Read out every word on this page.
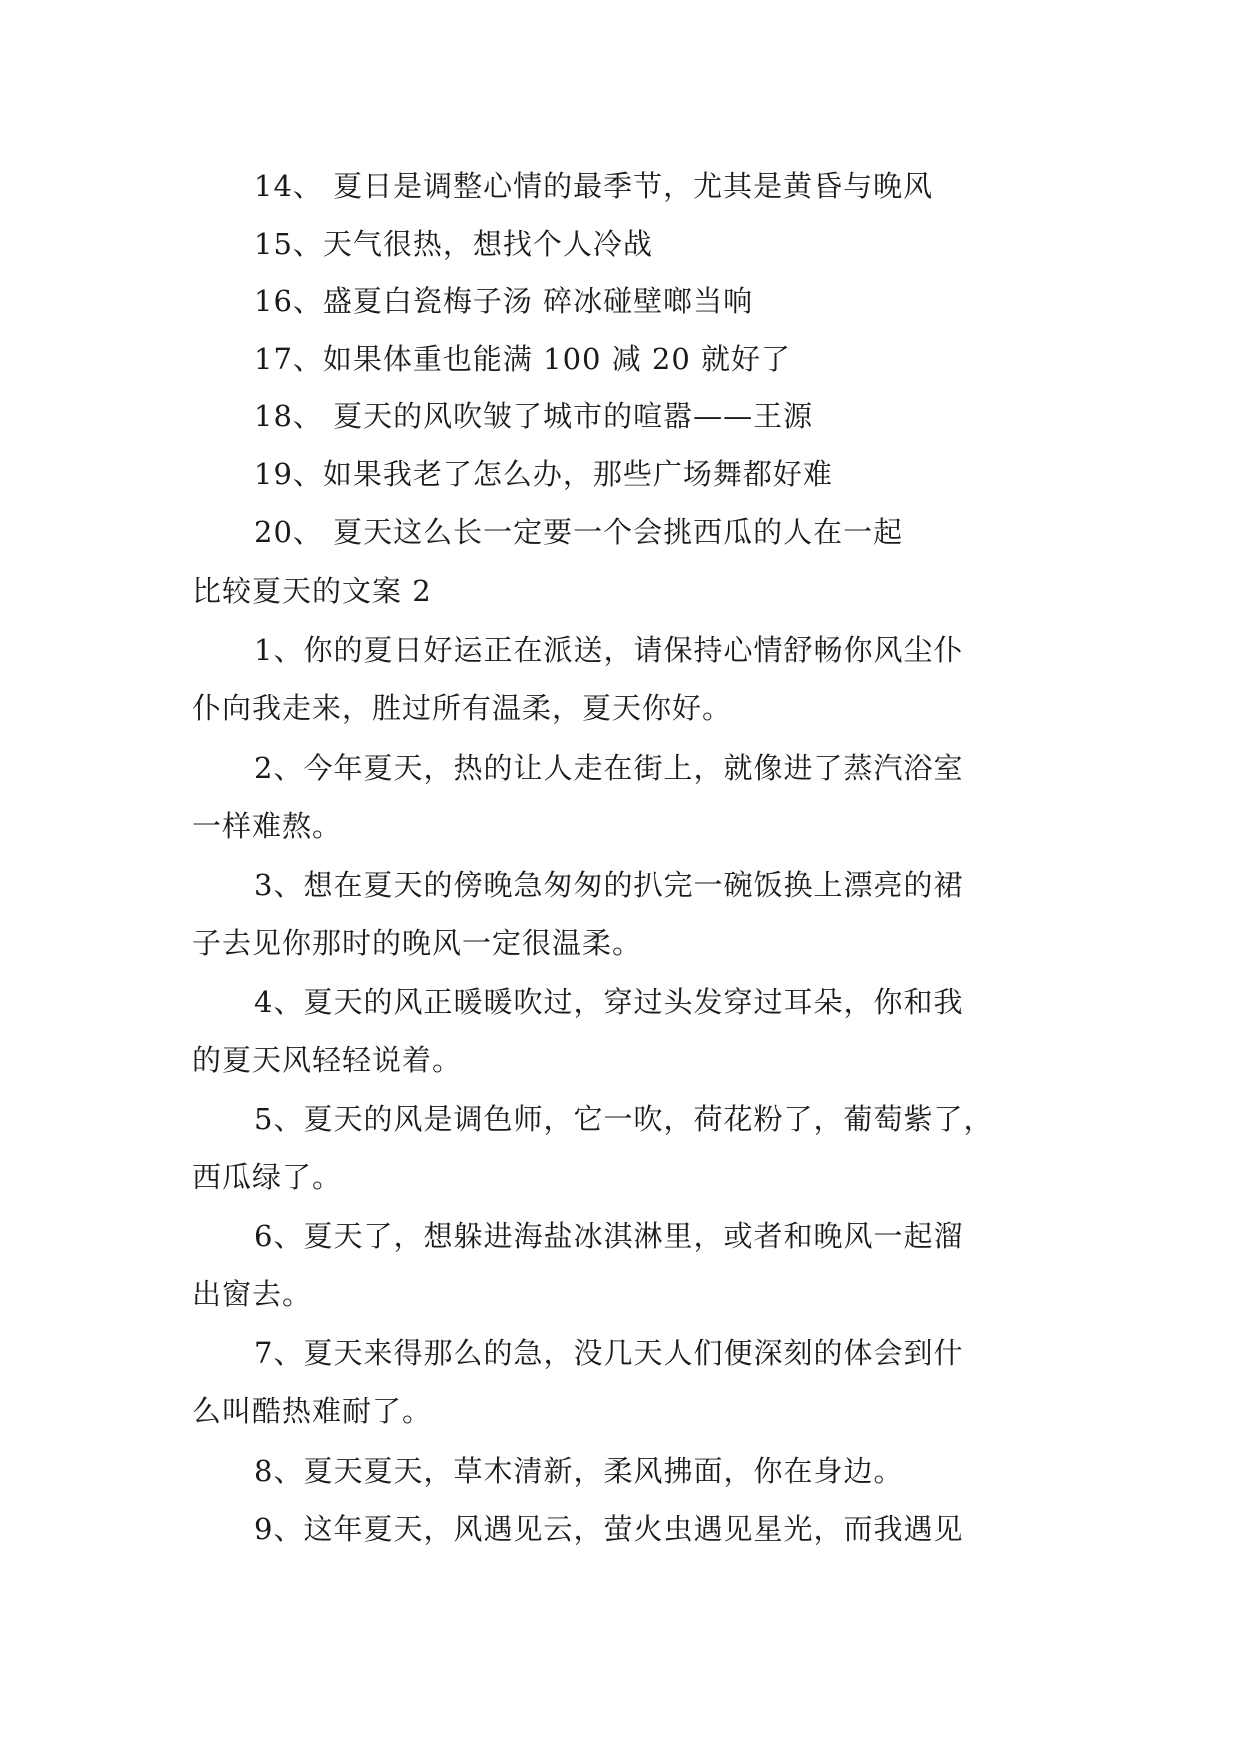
14、 夏日是调整心情的最季节，尤其是黄昏与晚风
15、天气很热，想找个人冷战
16、盛夏白瓷梅子汤 碎冰碰壁啷当响
17、如果体重也能满 100 减 20 就好了
18、 夏天的风吹皱了城市的喧嚣——王源
19、如果我老了怎么办，那些广场舞都好难
20、 夏天这么长一定要一个会挑西瓜的人在一起
比较夏天的文案 2
1、你的夏日好运正在派送，请保持心情舒畅你风尘仆
仆向我走来，胜过所有温柔，夏天你好。
2、今年夏天，热的让人走在街上，就像进了蒸汽浴室
一样难熬。
3、想在夏天的傍晚急匆匆的扒完一碗饭换上漂亮的裙
子去见你那时的晚风一定很温柔。
4、夏天的风正暖暖吹过，穿过头发穿过耳朵，你和我
的夏天风轻轻说着。
5、夏天的风是调色师，它一吹，荷花粉了，葡萄紫了，
西瓜绿了。
6、夏天了，想躲进海盐冰淇淋里，或者和晚风一起溜
出窗去。
7、夏天来得那么的急，没几天人们便深刻的体会到什
么叫酷热难耐了。
8、夏天夏天，草木清新，柔风拂面，你在身边。
9、这年夏天，风遇见云，萤火虫遇见星光，而我遇见
